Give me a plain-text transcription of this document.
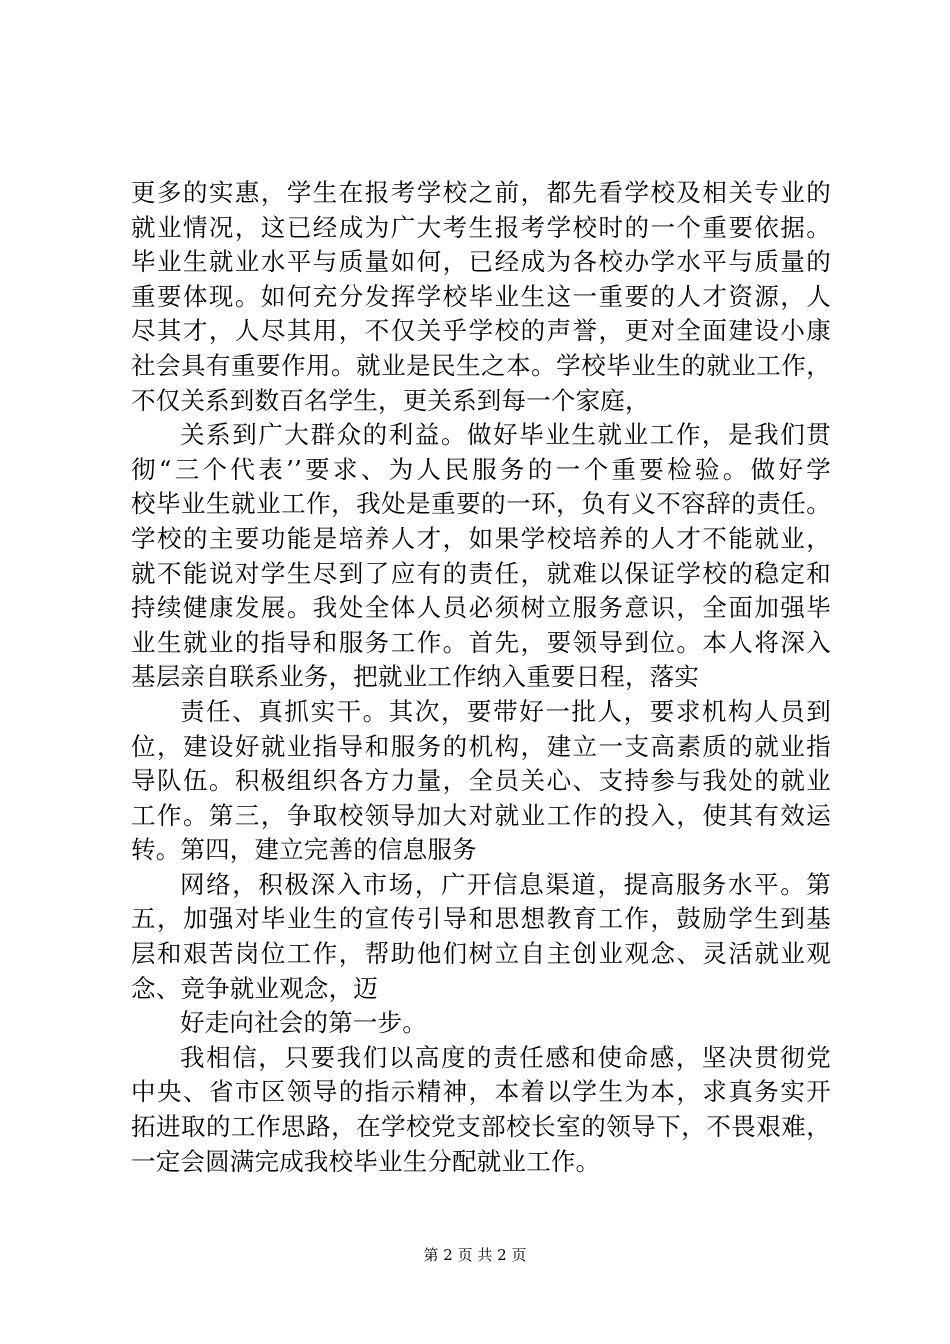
更多的实惠，学生在报考学校之前，都先看学校及相关专业的
就业情况，这已经成为广大考生报考学校时的一个重要依据。
毕业生就业水平与质量如何，已经成为各校办学水平与质量的
重要体现。如何充分发挥学校毕业生这一重要的人才资源，人
尽其才，人尽其用，不仅关乎学校的声誉，更对全面建设小康
社会具有重要作用。就业是民生之本。学校毕业生的就业工作，
不仅关系到数百名学生，更关系到每一个家庭，
关系到广大群众的利益。做好毕业生就业工作，是我们贯
彻“三个代表’’要求、为人民服务的一个重要检验。做好学
校毕业生就业工作，我处是重要的一环，负有义不容辞的责任。
学校的主要功能是培养人才，如果学校培养的人才不能就业，
就不能说对学生尽到了应有的责任，就难以保证学校的稳定和
持续健康发展。我处全体人员必须树立服务意识，全面加强毕
业生就业的指导和服务工作。首先，要领导到位。本人将深入
基层亲自联系业务，把就业工作纳入重要日程，落实
责任、真抓实干。其次，要带好一批人，要求机构人员到
位，建设好就业指导和服务的机构，建立一支高素质的就业指
导队伍。积极组织各方力量，全员关心、支持参与我处的就业
工作。第三，争取校领导加大对就业工作的投入，使其有效运
转。第四，建立完善的信息服务
网络，积极深入市场，广开信息渠道，提高服务水平。第
五，加强对毕业生的宣传引导和思想教育工作，鼓励学生到基
层和艰苦岗位工作，帮助他们树立自主创业观念、灵活就业观
念、竞争就业观念，迈
好走向社会的第一步。
我相信，只要我们以高度的责任感和使命感，坚决贯彻党
中央、省市区领导的指示精神，本着以学生为本，求真务实开
拓进取的工作思路，在学校党支部校长室的领导下，不畏艰难，
一定会圆满完成我校毕业生分配就业工作。
第 2 页 共 2 页
